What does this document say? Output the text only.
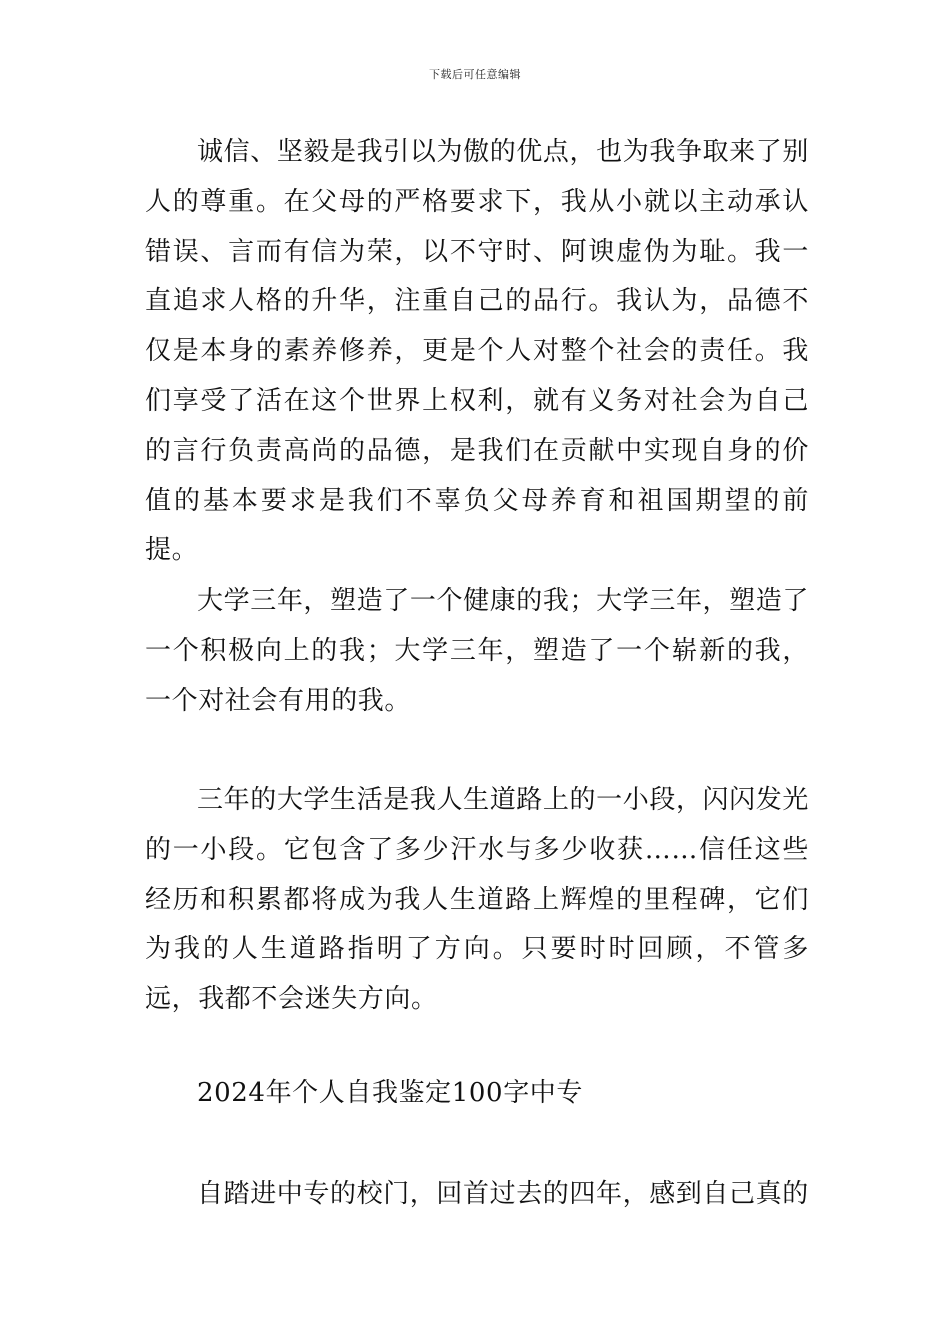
下载后可任意编辑

诚信、坚毅是我引以为傲的优点，也为我争取来了别人的尊重。在父母的严格要求下，我从小就以主动承认错误、言而有信为荣，以不守时、阿谀虚伪为耻。我一直追求人格的升华，注重自己的品行。我认为，品德不仅是本身的素养修养，更是个人对整个社会的责任。我们享受了活在这个世界上权利，就有义务对社会为自己的言行负责高尚的品德，是我们在贡献中实现自身的价值的基本要求是我们不辜负父母养育和祖国期望的前提。

大学三年，塑造了一个健康的我；大学三年，塑造了一个积极向上的我；大学三年，塑造了一个崭新的我，一个对社会有用的我。

三年的大学生活是我人生道路上的一小段，闪闪发光的一小段。它包含了多少汗水与多少收获……信任这些经历和积累都将成为我人生道路上辉煌的里程碑，它们为我的人生道路指明了方向。只要时时回顾，不管多远，我都不会迷失方向。

2024年个人自我鉴定100字中专

自踏进中专的校门，回首过去的四年，感到自己真的
